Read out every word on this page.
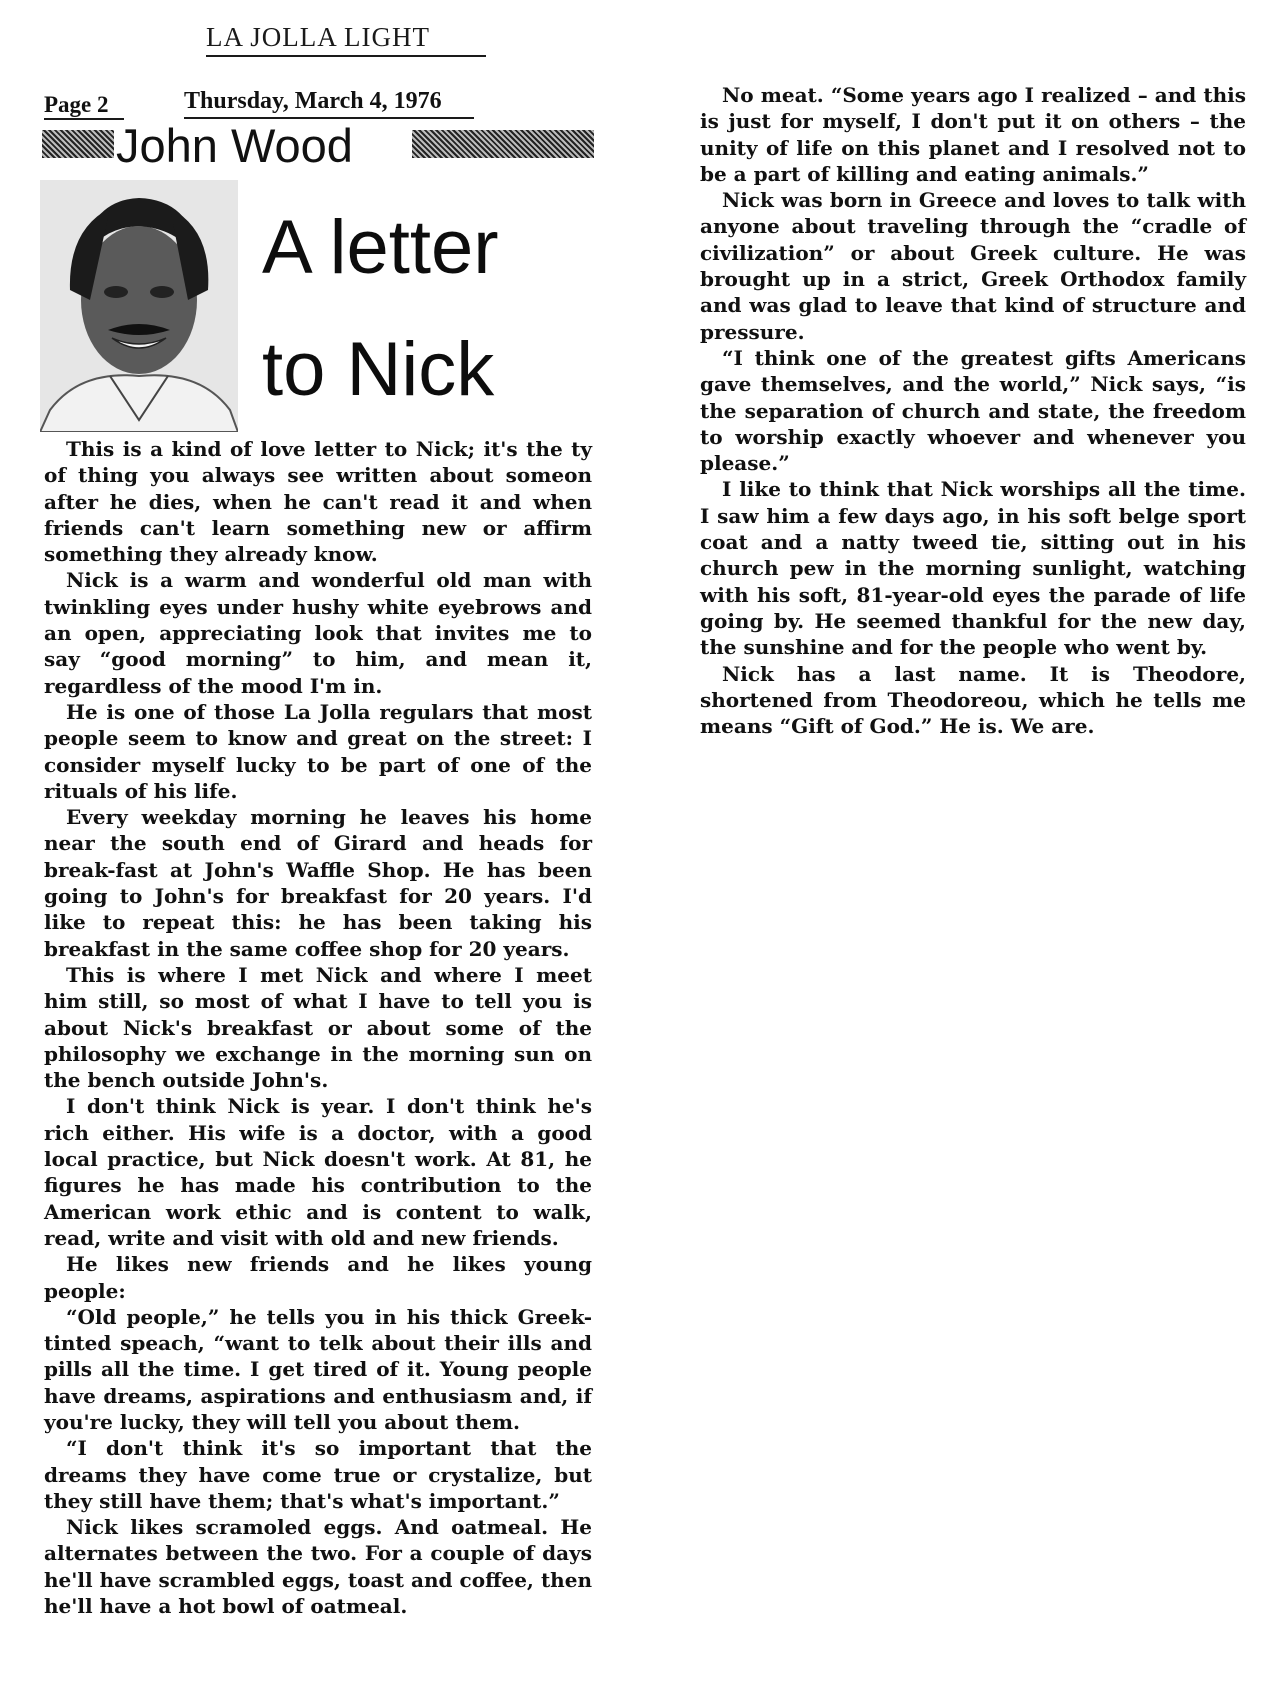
LA JOLLA LIGHT
Page 2	Thursday, March 4, 1976
John Wood
A letter
to Nick

This is a kind of love letter to Nick; it's the ty of thing you always see written about someon after he dies, when he can't read it and when friends can't learn something new or affirm something they already know.

Nick is a warm and wonderful old man with twinkling eyes under hushy white eyebrows and an open, appreciating look that invites me to say “good morning” to him, and mean it, regardless of the mood I'm in.

He is one of those La Jolla regulars that most people seem to know and great on the street: I consider myself lucky to be part of one of the rituals of his life.

Every weekday morning he leaves his home near the south end of Girard and heads for break-fast at John's Waffle Shop. He has been going to John's for breakfast for 20 years. I'd like to repeat this: he has been taking his breakfast in the same coffee shop for 20 years.

This is where I met Nick and where I meet him still, so most of what I have to tell you is about Nick's breakfast or about some of the philosophy we exchange in the morning sun on the bench outside John's.

I don't think Nick is year. I don't think he's rich either. His wife is a doctor, with a good local practice, but Nick doesn't work. At 81, he figures he has made his contribution to the American work ethic and is content to walk, read, write and visit with old and new friends.

He likes new friends and he likes young people:

“Old people,” he tells you in his thick Greek-tinted speach, “want to telk about their ills and pills all the time. I get tired of it. Young people have dreams, aspirations and enthusiasm and, if you're lucky, they will tell you about them.

“I don't think it's so important that the dreams they have come true or crystalize, but they still have them; that's what's important.”

Nick likes scramoled eggs. And oatmeal. He alternates between the two. For a couple of days he'll have scrambled eggs, toast and coffee, then he'll have a hot bowl of oatmeal.

No meat. “Some years ago I realized – and this is just for myself, I don't put it on others – the unity of life on this planet and I resolved not to be a part of killing and eating animals.”

Nick was born in Greece and loves to talk with anyone about traveling through the “cradle of civilization” or about Greek culture. He was brought up in a strict, Greek Orthodox family and was glad to leave that kind of structure and pressure.

“I think one of the greatest gifts Americans gave themselves, and the world,” Nick says, “is the separation of church and state, the freedom to worship exactly whoever and whenever you please.”

I like to think that Nick worships all the time. I saw him a few days ago, in his soft belge sport coat and a natty tweed tie, sitting out in his church pew in the morning sunlight, watching with his soft, 81-year-old eyes the parade of life going by. He seemed thankful for the new day, the sunshine and for the people who went by.

Nick has a last name. It is Theodore, shortened from Theodoreou, which he tells me means “Gift of God.” He is. We are.
